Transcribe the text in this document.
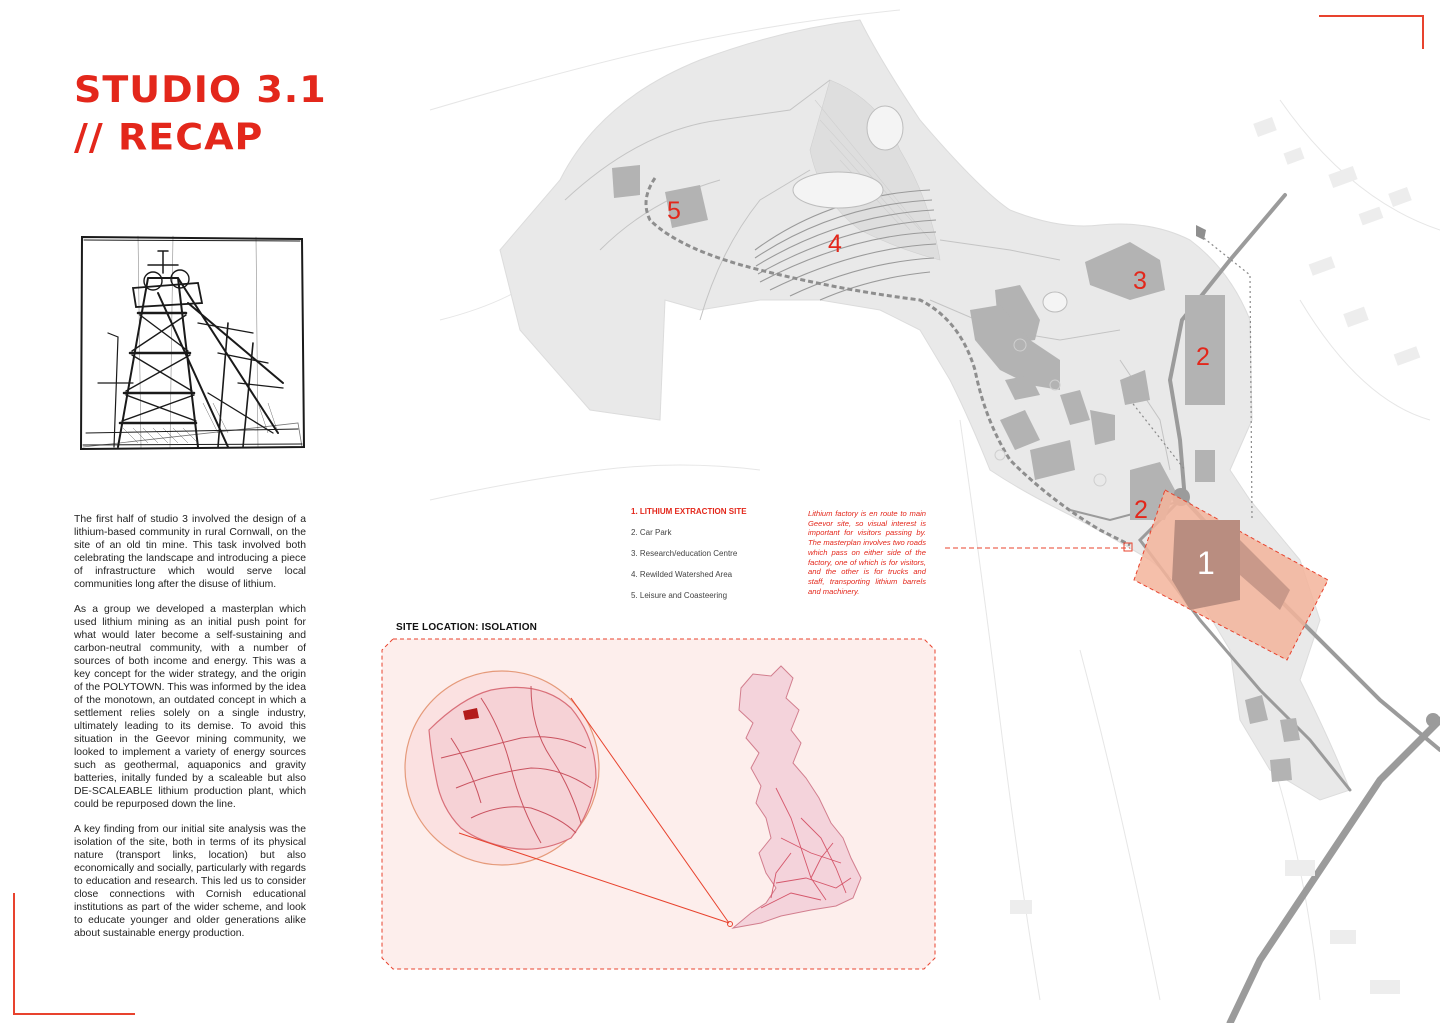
STUDIO 3.1
// RECAP

The first half of studio 3 involved the design of a lithium-based community in rural Cornwall, on the site of an old tin mine. This task involved both celebrating the landscape and introducing a piece of infrastructure which would serve local communities long after the disuse of lithium.

As a group we developed a masterplan which used lithium mining as an initial push point for what would later become a self-sustaining and carbon-neutral community, with a number of sources of both income and energy. This was a key concept for the wider strategy, and the origin of the POLYTOWN. This was informed by the idea of the monotown, an outdated concept in which a settlement relies solely on a single industry, ultimately leading to its demise. To avoid this situation in the Geevor mining community, we looked to implement a variety of energy sources such as geothermal, aquaponics and gravity batteries, initally funded by a scaleable but also DE-SCALEABLE lithium production plant, which could be repurposed down the line.

A key finding from our initial site analysis was the isolation of the site, both in terms of its physical nature (transport links, location) but also economically and socially, particularly with regards to education and research. This led us to consider close connections with Cornish educational institutions as part of the wider scheme, and look to educate younger and older generations alike about sustainable energy production.

5
4
3
2
2
1
1. LITHIUM EXTRACTION SITE
2. Car Park
3. Research/education Centre
4. Rewilded Watershed Area
5. Leisure and Coasteering
Lithium factory is en route to main Geevor site, so visual interest is important for visitors passing by. The masterplan involves two roads which pass on either side of the factory, one of which is for visitors, and the other is for trucks and staff, transporting lithium barrels and machinery.
SITE LOCATION: ISOLATION
